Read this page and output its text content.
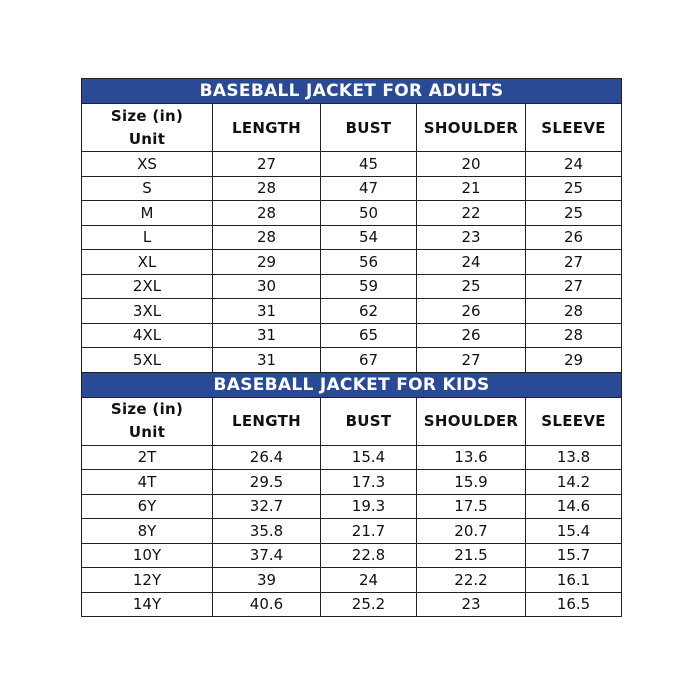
BASEBALL JACKET FOR ADULTS				

Size (in)
Unit	LENGTH	BUST	SHOULDER	SLEEVE
XS	27	45	20	24
S	28	47	21	25
M	28	50	22	25
L	28	54	23	26
XL	29	56	24	27
2XL	30	59	25	27
3XL	31	62	26	28
4XL	31	65	26	28
5XL	31	67	27	29
BASEBALL JACKET FOR KIDS				

Size (in)
Unit	LENGTH	BUST	SHOULDER	SLEEVE
2T	26.4	15.4	13.6	13.8
4T	29.5	17.3	15.9	14.2
6Y	32.7	19.3	17.5	14.6
8Y	35.8	21.7	20.7	15.4
10Y	37.4	22.8	21.5	15.7
12Y	39	24	22.2	16.1
14Y	40.6	25.2	23	16.5
